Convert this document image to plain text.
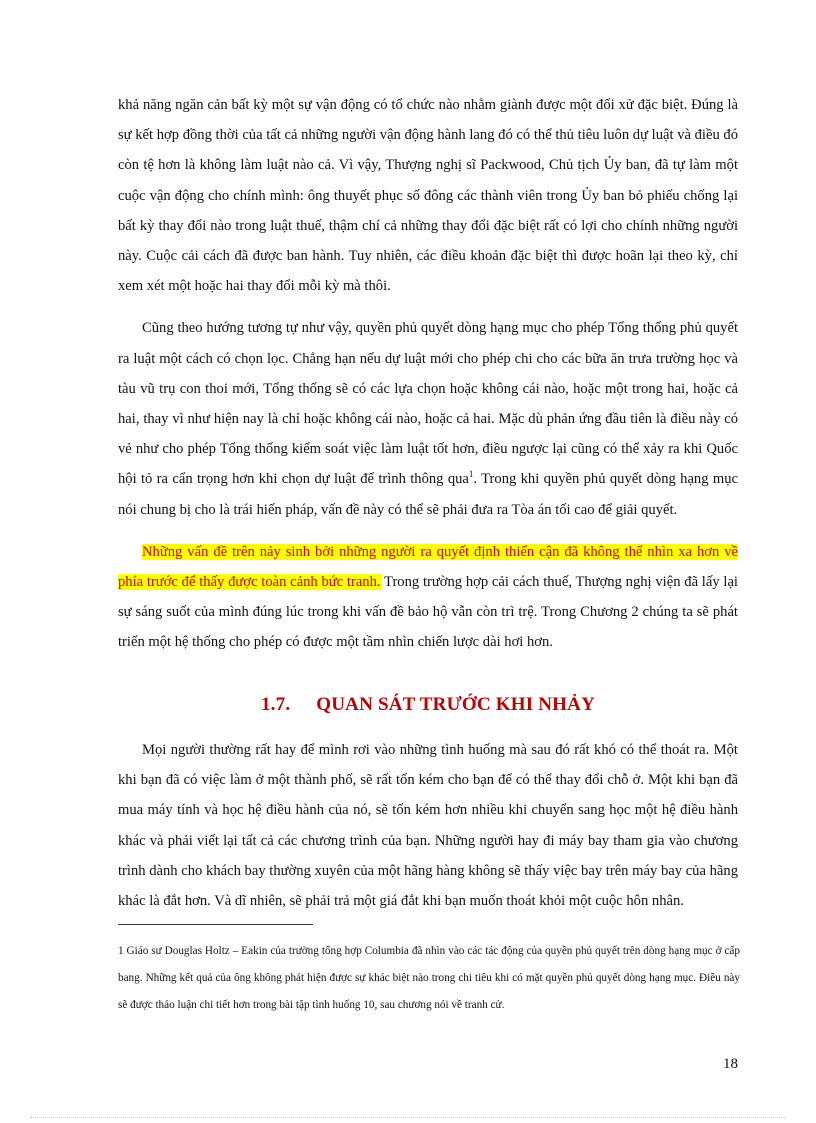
khả năng ngăn cản bất kỳ một sự vận động có tổ chức nào nhằm giành được một đối xử đặc biệt. Đúng là sự kết hợp đồng thời của tất cả những người vận động hành lang đó có thể thủ tiêu luôn dự luật và điều đó còn tệ hơn là không làm luật nào cả. Vì vậy, Thượng nghị sĩ Packwood, Chủ tịch Ủy ban, đã tự làm một cuộc vận động cho chính mình: ông thuyết phục số đông các thành viên trong Ủy ban bỏ phiếu chống lại bất kỳ thay đổi nào trong luật thuế, thậm chí cả những thay đổi đặc biệt rất có lợi cho chính những người này. Cuộc cải cách đã được ban hành. Tuy nhiên, các điều khoản đặc biệt thì được hoãn lại theo kỳ, chỉ xem xét một hoặc hai thay đổi mỗi kỳ mà thôi.

Cũng theo hướng tương tự như vậy, quyền phủ quyết dòng hạng mục cho phép Tổng thống phủ quyết ra luật một cách có chọn lọc. Chẳng hạn nếu dự luật mới cho phép chi cho các bữa ăn trưa trường học và tàu vũ trụ con thoi mới, Tổng thống sẽ có các lựa chọn hoặc không cái nào, hoặc một trong hai, hoặc cả hai, thay vì như hiện nay là chỉ hoặc không cái nào, hoặc cả hai. Mặc dù phản ứng đầu tiên là điều này có vẻ như cho phép Tổng thống kiểm soát việc làm luật tốt hơn, điều ngược lại cũng có thể xảy ra khi Quốc hội tỏ ra cẩn trọng hơn khi chọn dự luật để trình thông qua$^1$. Trong khi quyền phủ quyết dòng hạng mục nói chung bị cho là trái hiến pháp, vấn đề này có thể sẽ phải đưa ra Tòa án tối cao để giải quyết.

Những vấn đề trên nảy sinh bởi những người ra quyết định thiển cận đã không thể nhìn xa hơn về phía trước để thấy được toàn cảnh bức tranh. Trong trường hợp cải cách thuế, Thượng nghị viện đã lấy lại sự sáng suốt của mình đúng lúc trong khi vấn đề bảo hộ vẫn còn trì trệ. Trong Chương 2 chúng ta sẽ phát triển một hệ thống cho phép có được một tầm nhìn chiến lược dài hơi hơn.

1.7. QUAN SÁT TRƯỚC KHI NHẢY

Mọi người thường rất hay để mình rơi vào những tình huống mà sau đó rất khó có thể thoát ra. Một khi bạn đã có việc làm ở một thành phố, sẽ rất tốn kém cho bạn để có thể thay đổi chỗ ở. Một khi bạn đã mua máy tính và học hệ điều hành của nó, sẽ tốn kém hơn nhiều khi chuyển sang học một hệ điều hành khác và phải viết lại tất cả các chương trình của bạn. Những người hay đi máy bay tham gia vào chương trình dành cho khách bay thường xuyên của một hãng hàng không sẽ thấy việc bay trên máy bay của hãng khác là đắt hơn. Và dĩ nhiên, sẽ phải trả một giá đắt khi bạn muốn thoát khỏi một cuộc hôn nhân.

1 Giáo sư Douglas Holtz – Eakin của trường tổng hợp Columbia đã nhìn vào các tác động của quyền phủ quyết trên dòng hạng mục ở cấp bang. Những kết quả của ông không phát hiện được sự khác biệt nào trong chi tiêu khi có mặt quyền phủ quyết dòng hạng mục. Điều này sẽ được thảo luận chi tiết hơn trong bài tập tình huống 10, sau chương nói về tranh cử.
18
